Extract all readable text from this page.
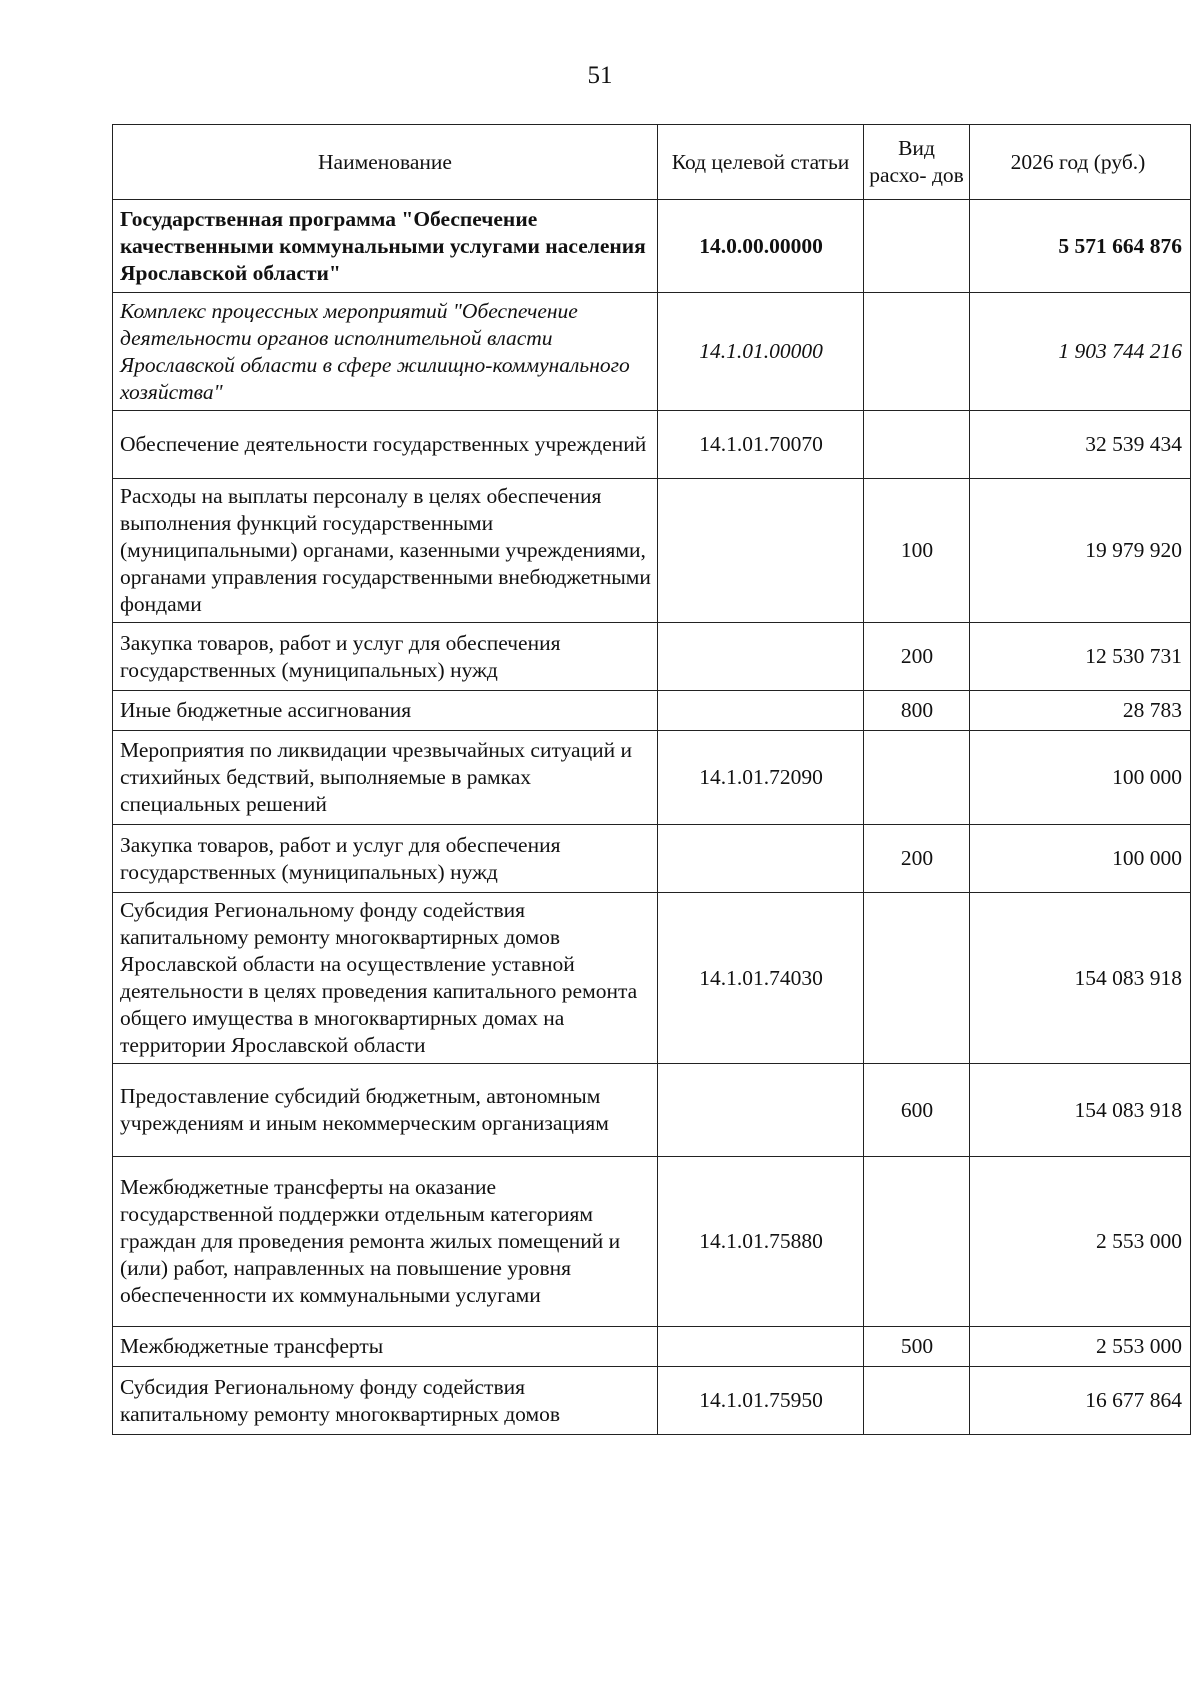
51
Наименование	Код целевой статьи	Вид расхо- дов	2026 год (руб.)
Государственная программа "Обеспечение качественными коммунальными услугами населения Ярославской области"	14.0.00.00000		5 571 664 876
Комплекс процессных мероприятий "Обеспечение деятельности органов исполнительной власти Ярославской области в сфере жилищно-коммунального хозяйства"	14.1.01.00000		1 903 744 216
Обеспечение деятельности государственных учреждений	14.1.01.70070		32 539 434
Расходы на выплаты персоналу в целях обеспечения выполнения функций государственными (муниципальными) органами, казенными учреждениями, органами управления государственными внебюджетными фондами		100	19 979 920
Закупка товаров, работ и услуг для обеспечения государственных (муниципальных) нужд		200	12 530 731
Иные бюджетные ассигнования		800	28 783
Мероприятия по ликвидации чрезвычайных ситуаций и стихийных бедствий, выполняемые в рамках специальных решений	14.1.01.72090		100 000
Закупка товаров, работ и услуг для обеспечения государственных (муниципальных) нужд		200	100 000
Субсидия Региональному фонду содействия капитальному ремонту многоквартирных домов Ярославской области на осуществление уставной деятельности в целях проведения капитального ремонта общего имущества в многоквартирных домах на территории Ярославской области	14.1.01.74030		154 083 918
Предоставление субсидий бюджетным, автономным учреждениям и иным некоммерческим организациям		600	154 083 918
Межбюджетные трансферты на оказание государственной поддержки отдельным категориям граждан для проведения ремонта жилых помещений и (или) работ, направленных на повышение уровня обеспеченности их коммунальными услугами	14.1.01.75880		2 553 000
Межбюджетные трансферты		500	2 553 000
Субсидия Региональному фонду содействия капитальному ремонту многоквартирных домов	14.1.01.75950		16 677 864
